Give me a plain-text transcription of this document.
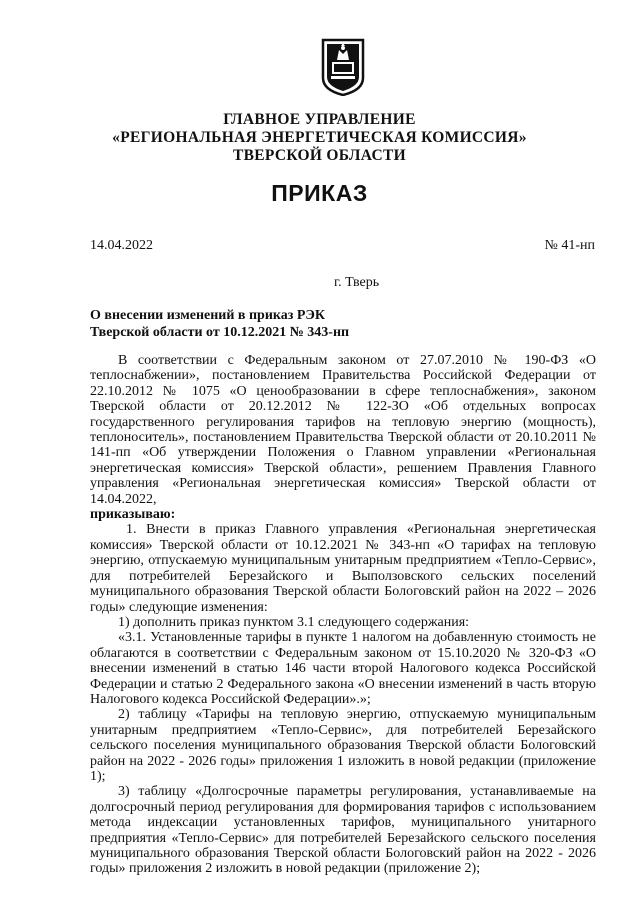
ГЛАВНОЕ УПРАВЛЕНИЕ
«РЕГИОНАЛЬНАЯ ЭНЕРГЕТИЧЕСКАЯ КОМИССИЯ»
ТВЕРСКОЙ ОБЛАСТИ
ПРИКАЗ
14.04.2022	№ 41-нп
г. Тверь
О внесении изменений в приказ РЭК
Тверской области от 10.12.2021 № 343-нп

В соответствии с Федеральным законом от 27.07.2010 № 190-ФЗ «О теплоснабжении», постановлением Правительства Российской Федерации от 22.10.2012 № 1075 «О ценообразовании в сфере теплоснабжения», законом Тверской области от 20.12.2012 № 122-ЗО «Об отдельных вопросах государственного регулирования тарифов на тепловую энергию (мощность), теплоноситель», постановлением Правительства Тверской области от 20.10.2011 № 141-пп «Об утверждении Положения о Главном управлении «Региональная энергетическая комиссия» Тверской области», решением Правления Главного управления «Региональная энергетическая комиссия» Тверской области от 14.04.2022,

приказываю:

1. Внести в приказ Главного управления «Региональная энергетическая комиссия» Тверской области от 10.12.2021 № 343-нп «О тарифах на тепловую энергию, отпускаемую муниципальным унитарным предприятием «Тепло-Сервис», для потребителей Березайского и Выползовского сельских поселений муниципального образования Тверской области Бологовский район на 2022 – 2026 годы» следующие изменения:

1) дополнить приказ пунктом 3.1 следующего содержания:

«3.1. Установленные тарифы в пункте 1 налогом на добавленную стоимость не облагаются в соответствии с Федеральным законом от 15.10.2020 № 320-ФЗ «О внесении изменений в статью 146 части второй Налогового кодекса Российской Федерации и статью 2 Федерального закона «О внесении изменений в часть вторую Налогового кодекса Российской Федерации».»;

2) таблицу «Тарифы на тепловую энергию, отпускаемую муниципальным унитарным предприятием «Тепло-Сервис», для потребителей Березайского сельского поселения муниципального образования Тверской области Бологовский район на 2022 - 2026 годы» приложения 1 изложить в новой редакции (приложение 1);

3) таблицу «Долгосрочные параметры регулирования, устанавливаемые на долгосрочный период регулирования для формирования тарифов с использованием метода индексации установленных тарифов, муниципального унитарного предприятия «Тепло-Сервис» для потребителей Березайского сельского поселения муниципального образования Тверской области Бологовский район на 2022 - 2026 годы» приложения 2 изложить в новой редакции (приложение 2);
